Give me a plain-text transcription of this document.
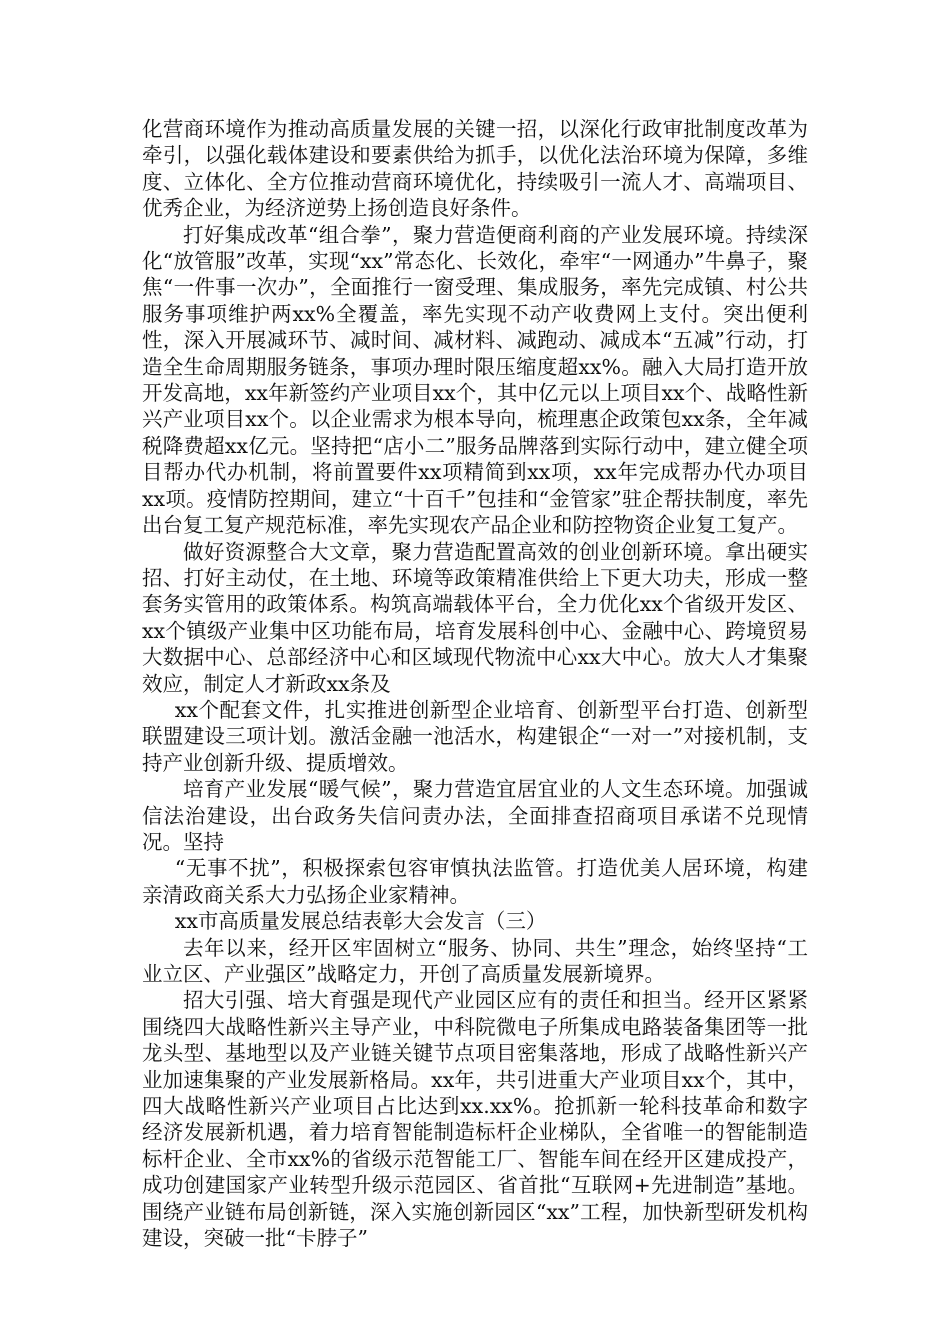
化营商环境作为推动高质量发展的关键一招，以深化行政审批制度改革为牵引，以强化载体建设和要素供给为抓手，以优化法治环境为保障，多维度、立体化、全方位推动营商环境优化，持续吸引一流人才、高端项目、优秀企业，为经济逆势上扬创造良好条件。

打好集成改革“组合拳”，聚力营造便商利商的产业发展环境。持续深化“放管服”改革，实现“xx”常态化、长效化，牵牢“一网通办”牛鼻子，聚焦“一件事一次办”，全面推行一窗受理、集成服务，率先完成镇、村公共服务事项维护两xx%全覆盖，率先实现不动产收费网上支付。突出便利性，深入开展减环节、减时间、减材料、减跑动、减成本“五减”行动，打造全生命周期服务链条，事项办理时限压缩度超xx%。融入大局打造开放开发高地，xx年新签约产业项目xx个，其中亿元以上项目xx个、战略性新兴产业项目xx个。以企业需求为根本导向，梳理惠企政策包xx条，全年减税降费超xx亿元。坚持把“店小二”服务品牌落到实际行动中，建立健全项目帮办代办机制，将前置要件xx项精简到xx项，xx年完成帮办代办项目xx项。疫情防控期间，建立“十百千”包挂和“金管家”驻企帮扶制度，率先出台复工复产规范标准，率先实现农产品企业和防控物资企业复工复产。

做好资源整合大文章，聚力营造配置高效的创业创新环境。拿出硬实招、打好主动仗，在土地、环境等政策精准供给上下更大功夫，形成一整套务实管用的政策体系。构筑高端载体平台，全力优化xx个省级开发区、xx个镇级产业集中区功能布局，培育发展科创中心、金融中心、跨境贸易大数据中心、总部经济中心和区域现代物流中心xx大中心。放大人才集聚效应，制定人才新政xx条及

xx个配套文件，扎实推进创新型企业培育、创新型平台打造、创新型联盟建设三项计划。激活金融一池活水，构建银企“一对一”对接机制，支持产业创新升级、提质增效。

培育产业发展“暖气候”，聚力营造宜居宜业的人文生态环境。加强诚信法治建设，出台政务失信问责办法，全面排查招商项目承诺不兑现情况。坚持

“无事不扰”，积极探索包容审慎执法监管。打造优美人居环境，构建亲清政商关系大力弘扬企业家精神。

xx市高质量发展总结表彰大会发言（三）

去年以来，经开区牢固树立“服务、协同、共生”理念，始终坚持“工业立区、产业强区”战略定力，开创了高质量发展新境界。

招大引强、培大育强是现代产业园区应有的责任和担当。经开区紧紧围绕四大战略性新兴主导产业，中科院微电子所集成电路装备集团等一批龙头型、基地型以及产业链关键节点项目密集落地，形成了战略性新兴产业加速集聚的产业发展新格局。xx年，共引进重大产业项目xx个，其中，四大战略性新兴产业项目占比达到xx.xx%。抢抓新一轮科技革命和数字经济发展新机遇，着力培育智能制造标杆企业梯队，全省唯一的智能制造标杆企业、全市xx%的省级示范智能工厂、智能车间在经开区建成投产，成功创建国家产业转型升级示范园区、省首批“互联网+先进制造”基地。围绕产业链布局创新链，深入实施创新园区“xx”工程，加快新型研发机构建设，突破一批“卡脖子”
